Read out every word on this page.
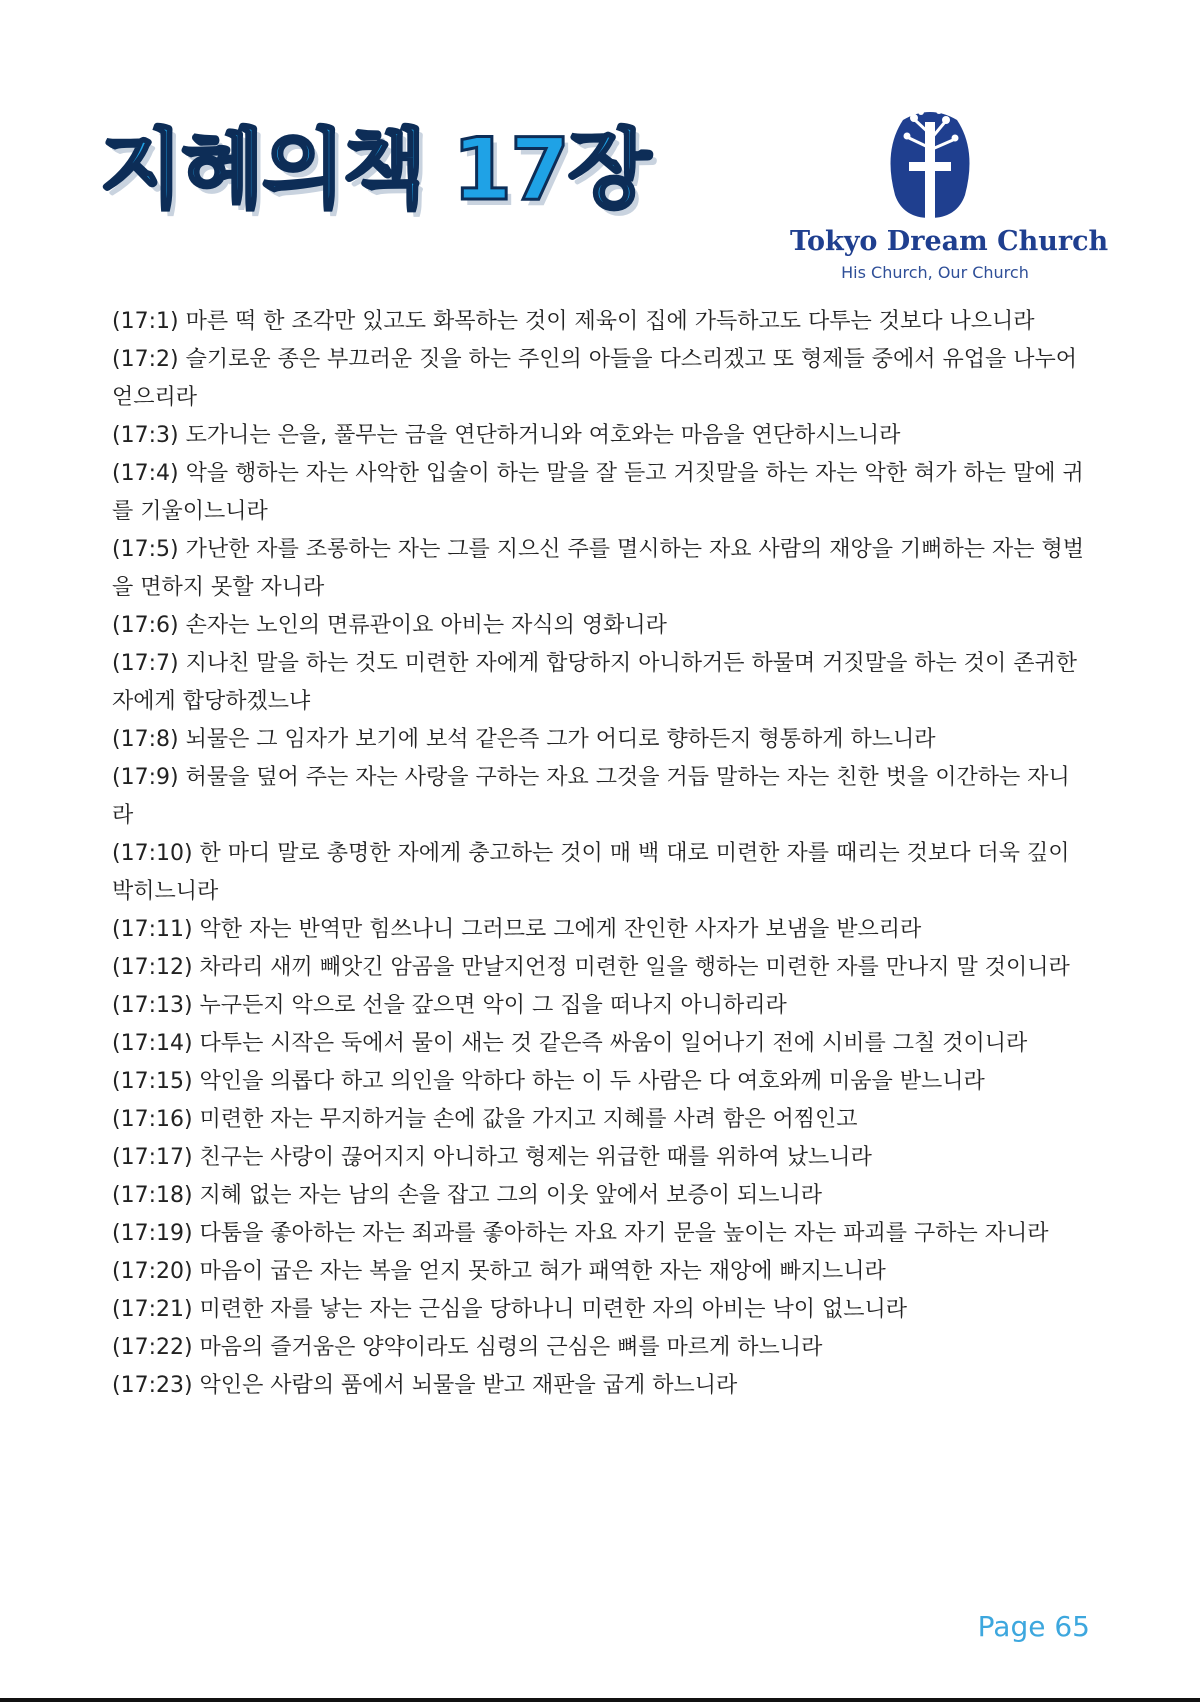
지혜의책 17장
Tokyo Dream Church
His Church, Our Church

(17:1) 마른 떡 한 조각만 있고도 화목하는 것이 제육이 집에 가득하고도 다투는 것보다 나으니라

(17:2) 슬기로운 종은 부끄러운 짓을 하는 주인의 아들을 다스리겠고 또 형제들 중에서 유업을 나누어 얻으리라

(17:3) 도가니는 은을, 풀무는 금을 연단하거니와 여호와는 마음을 연단하시느니라

(17:4) 악을 행하는 자는 사악한 입술이 하는 말을 잘 듣고 거짓말을 하는 자는 악한 혀가 하는 말에 귀를 기울이느니라

(17:5) 가난한 자를 조롱하는 자는 그를 지으신 주를 멸시하는 자요 사람의 재앙을 기뻐하는 자는 형벌을 면하지 못할 자니라

(17:6) 손자는 노인의 면류관이요 아비는 자식의 영화니라

(17:7) 지나친 말을 하는 것도 미련한 자에게 합당하지 아니하거든 하물며 거짓말을 하는 것이 존귀한 자에게 합당하겠느냐

(17:8) 뇌물은 그 임자가 보기에 보석 같은즉 그가 어디로 향하든지 형통하게 하느니라

(17:9) 허물을 덮어 주는 자는 사랑을 구하는 자요 그것을 거듭 말하는 자는 친한 벗을 이간하는 자니라

(17:10) 한 마디 말로 총명한 자에게 충고하는 것이 매 백 대로 미련한 자를 때리는 것보다 더욱 깊이 박히느니라

(17:11) 악한 자는 반역만 힘쓰나니 그러므로 그에게 잔인한 사자가 보냄을 받으리라

(17:12) 차라리 새끼 빼앗긴 암곰을 만날지언정 미련한 일을 행하는 미련한 자를 만나지 말 것이니라

(17:13) 누구든지 악으로 선을 갚으면 악이 그 집을 떠나지 아니하리라

(17:14) 다투는 시작은 둑에서 물이 새는 것 같은즉 싸움이 일어나기 전에 시비를 그칠 것이니라

(17:15) 악인을 의롭다 하고 의인을 악하다 하는 이 두 사람은 다 여호와께 미움을 받느니라

(17:16) 미련한 자는 무지하거늘 손에 값을 가지고 지혜를 사려 함은 어찜인고

(17:17) 친구는 사랑이 끊어지지 아니하고 형제는 위급한 때를 위하여 났느니라

(17:18) 지혜 없는 자는 남의 손을 잡고 그의 이웃 앞에서 보증이 되느니라

(17:19) 다툼을 좋아하는 자는 죄과를 좋아하는 자요 자기 문을 높이는 자는 파괴를 구하는 자니라

(17:20) 마음이 굽은 자는 복을 얻지 못하고 혀가 패역한 자는 재앙에 빠지느니라

(17:21) 미련한 자를 낳는 자는 근심을 당하나니 미련한 자의 아비는 낙이 없느니라

(17:22) 마음의 즐거움은 양약이라도 심령의 근심은 뼈를 마르게 하느니라

(17:23) 악인은 사람의 품에서 뇌물을 받고 재판을 굽게 하느니라

Page 65
